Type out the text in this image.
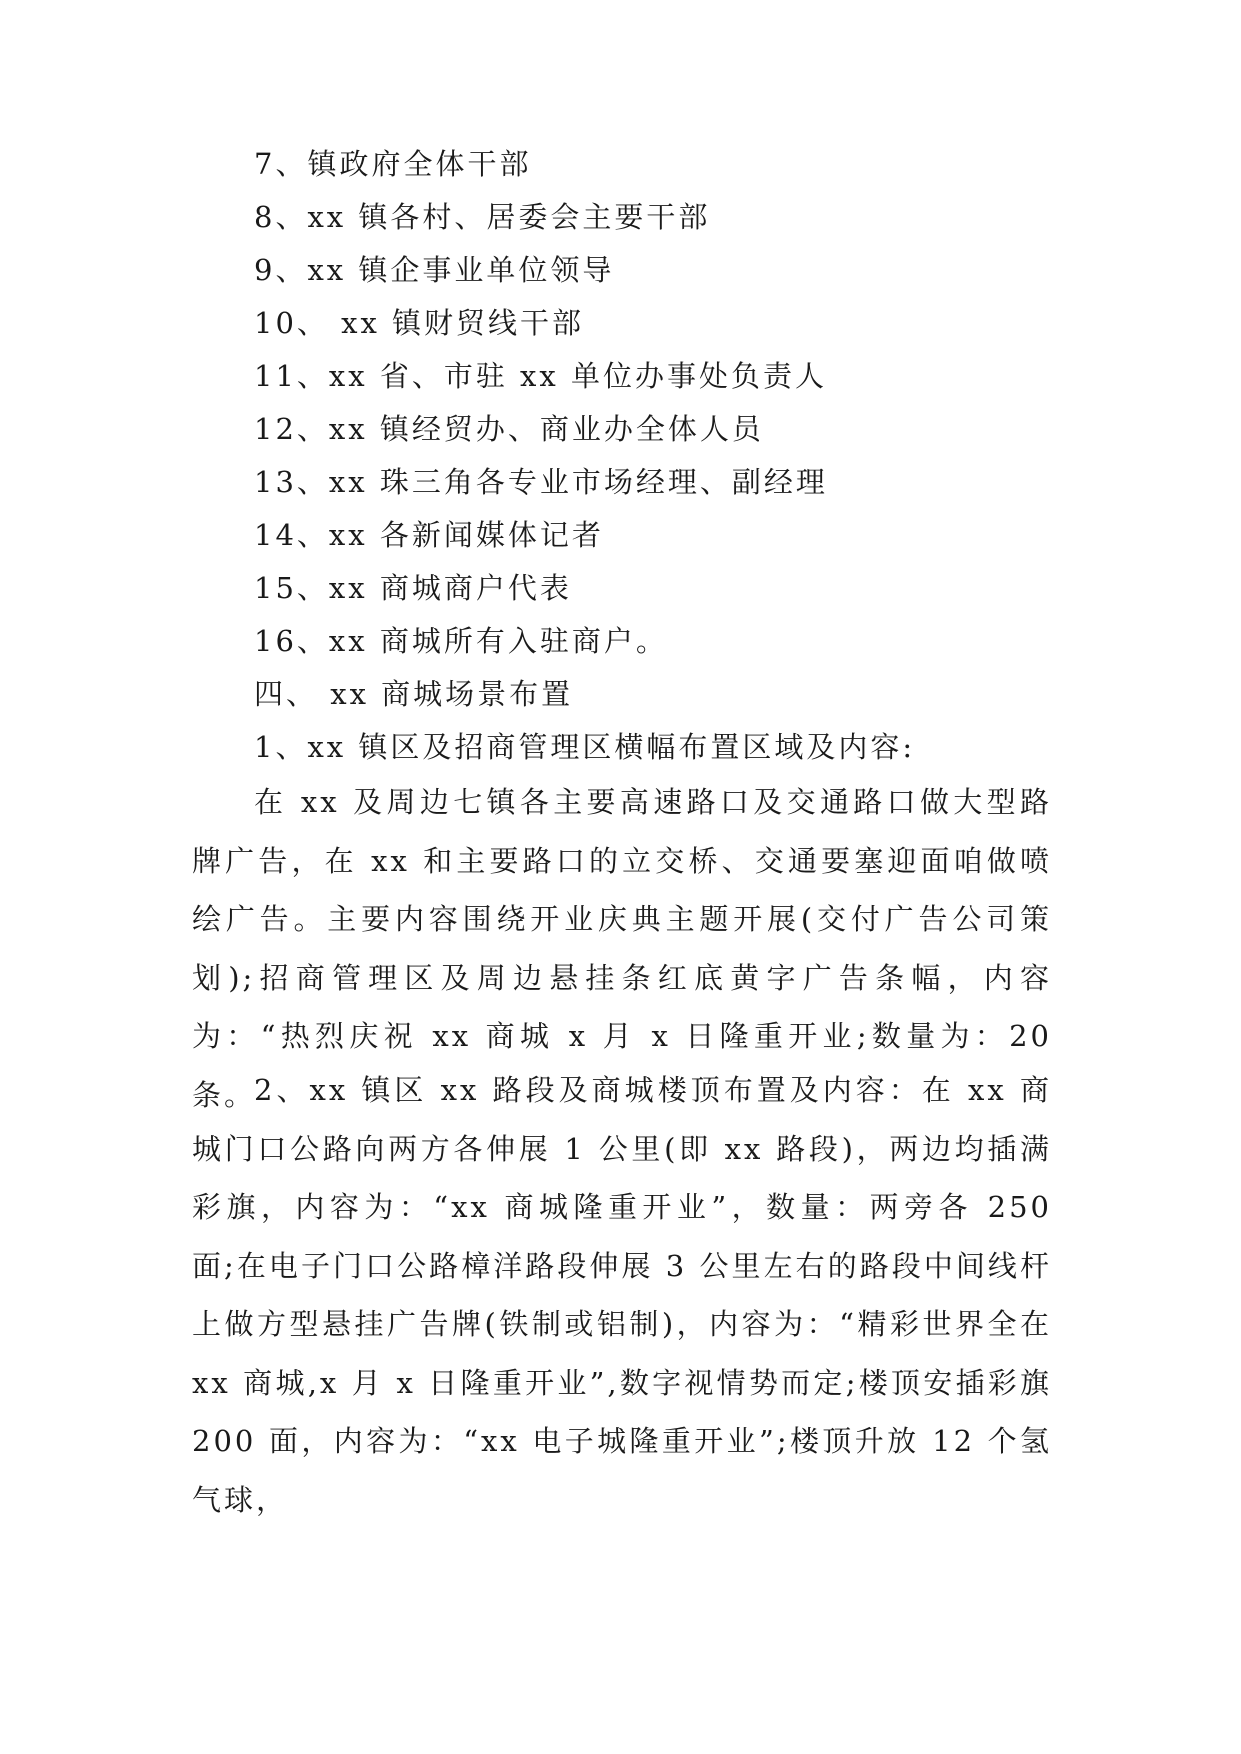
7、镇政府全体干部
8、xx 镇各村、居委会主要干部
9、xx 镇企事业单位领导
10、 xx 镇财贸线干部
11、xx 省、市驻 xx 单位办事处负责人
12、xx 镇经贸办、商业办全体人员
13、xx 珠三角各专业市场经理、副经理
14、xx 各新闻媒体记者
15、xx 商城商户代表
16、xx 商城所有入驻商户。
四、 xx 商城场景布置
1、xx 镇区及招商管理区横幅布置区域及内容:

在 xx 及周边七镇各主要高速路口及交通路口做大型路牌广告，在 xx 和主要路口的立交桥、交通要塞迎面咱做喷绘广告。主要内容围绕开业庆典主题开展(交付广告公司策划);招商管理区及周边悬挂条红底黄字广告条幅，内容为：“热烈庆祝 xx 商城 x 月 x 日隆重开业;数量为：20 条。

2、xx 镇区 xx 路段及商城楼顶布置及内容：在 xx 商城门口公路向两方各伸展 1 公里(即 xx 路段)，两边均插满彩旗，内容为：“xx 商城隆重开业”，数量：两旁各 250 面;在电子门口公路樟洋路段伸展 3 公里左右的路段中间线杆上做方型悬挂广告牌(铁制或铝制)，内容为：“精彩世界全在 xx 商城,x 月 x 日隆重开业”,数字视情势而定;楼顶安插彩旗 200 面，内容为：“xx 电子城隆重开业”;楼顶升放 12 个氢气球，
